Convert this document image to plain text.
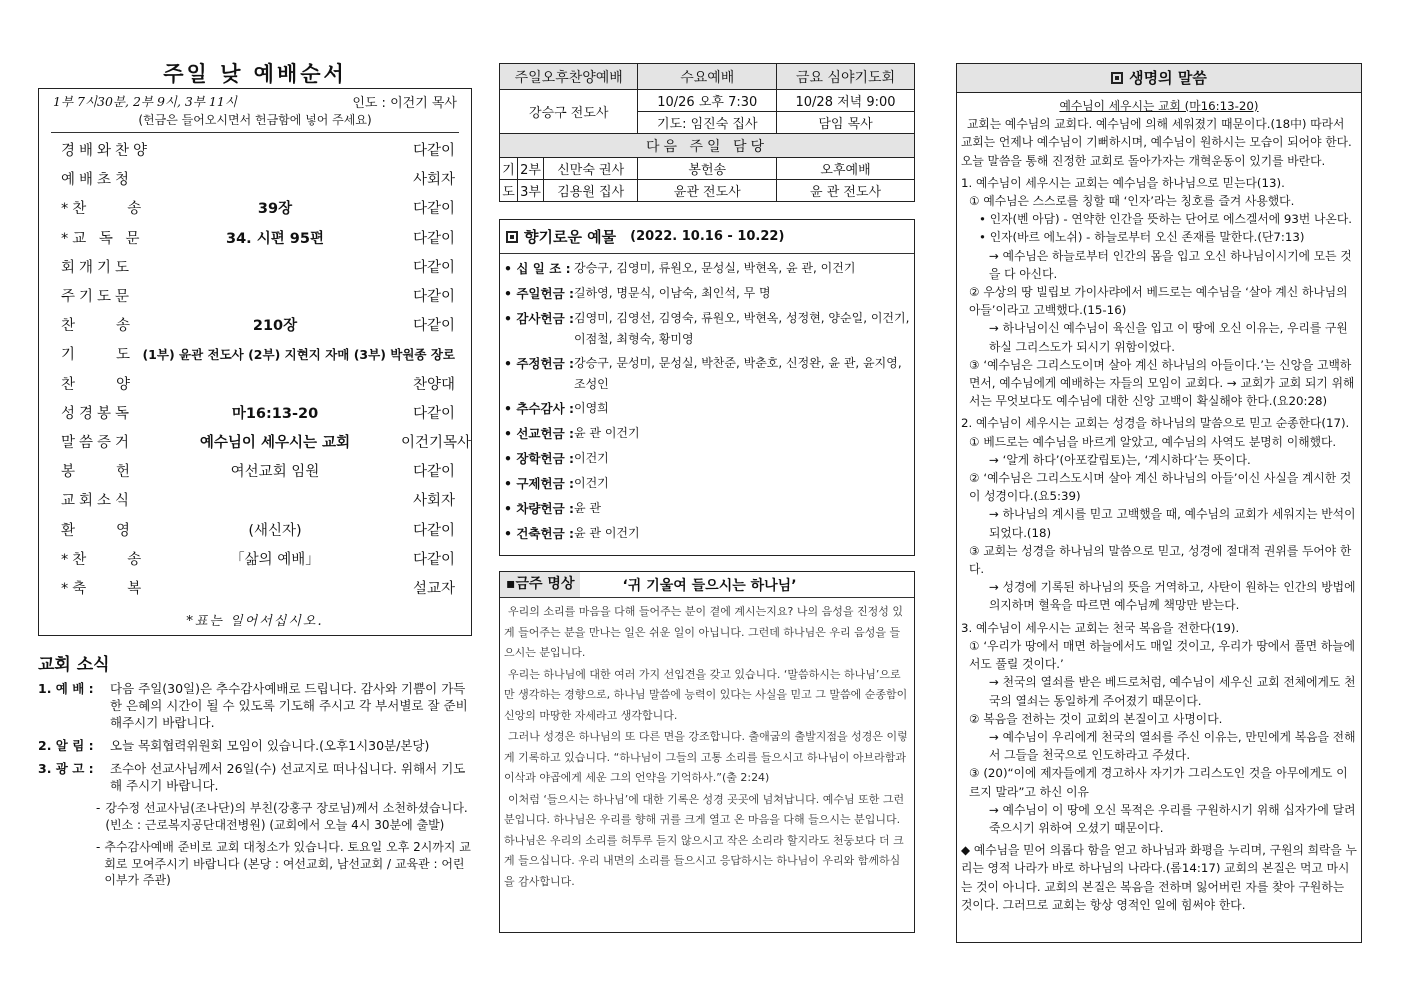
주일 낮 예배순서
1부 7시30분, 2부 9시, 3부 11시	인도 : 이건기 목사
(헌금은 들어오시면서 헌금함에 넣어 주세요)
경배와찬양	다같이
예배초청	사회자
*찬　　송	39장	다같이
*교 독 문	34. 시편 95편	다같이
회개기도	다같이
주기도문	다같이
찬　　송	210장	다같이
기　　도 (1부) 윤관 전도사 (2부) 지현지 자매 (3부) 박원종 장로
찬　　양	찬양대
성경봉독	마16:13-20	다같이
말씀증거	예수님이 세우시는 교회	이건기목사
봉　　헌	여선교회 임원	다같이
교회소식	사회자
환　　영	(새신자)	다같이
*찬　　송	「삶의 예배」	다같이
*축　　복	설교자
*표는 일어서십시오.
교회 소식
1. 예 배 :	다음 주일(30일)은 추수감사예배로 드립니다. 감사와 기쁨이 가득한 은혜의 시간이 될 수 있도록 기도해 주시고 각 부서별로 잘 준비해주시기 바랍니다.
2. 알 림 :	오늘 목회협력위원회 모임이 있습니다.(오후1시30분/본당)
3. 광 고 :	조수아 선교사님께서 26일(수) 선교지로 떠나십니다. 위해서 기도해 주시기 바랍니다.
- 강수정 선교사님(조나단)의 부친(강홍구 장로님)께서 소천하셨습니다. (빈소 : 근로복지공단대전병원) (교회에서 오늘 4시 30분에 출발)
- 추수감사예배 준비로 교회 대청소가 있습니다. 토요일 오후 2시까지 교회로 모여주시기 바랍니다 (본당 : 여선교회, 남선교회 / 교육관 : 어린이부가 주관)
주일오후찬양예배			수요예배	금요 심야기도회
강승구 전도사			10/26 오후 7:30	10/28 저녁 9:00
			기도: 임진숙 집사	담임 목사
다음 주일 담당				
기	2부	신만숙 권사	봉헌송	오후예배
도	3부	김용원 집사	윤관 전도사	윤 관 전도사
향기로운 예물 (2022. 10.16 - 10.22)
• 십 일 조 : 강승구, 김영미, 류원오, 문성실, 박현옥, 윤 관, 이건기
• 주일헌금 : 길하영, 명문식, 이남숙, 최인석, 무 명
• 감사헌금 : 김영미, 김영선, 김영숙, 류원오, 박현옥, 성정현, 양순일, 이건기, 이점철, 최형숙, 황미영
• 주정헌금 : 강승구, 문성미, 문성실, 박찬준, 박춘호, 신정완, 윤 관, 윤지영, 조성인
• 추수감사 : 이영희
• 선교헌금 : 윤 관 이건기
• 장학헌금 : 이건기
• 구제헌금 : 이건기
• 차량헌금 : 윤 관
• 건축헌금 : 윤 관 이건기
▪금주 명상	‘귀 기울여 들으시는 하나님’

우리의 소리를 마음을 다해 들어주는 분이 곁에 계시는지요? 나의 음성을 진정성 있게 들어주는 분을 만나는 일은 쉬운 일이 아닙니다. 그런데 하나님은 우리 음성을 들으시는 분입니다.

우리는 하나님에 대한 여러 가지 선입견을 갖고 있습니다. ‘말씀하시는 하나님’으로만 생각하는 경향으로, 하나님 말씀에 능력이 있다는 사실을 믿고 그 말씀에 순종함이 신앙의 마땅한 자세라고 생각합니다.

그러나 성경은 하나님의 또 다른 면을 강조합니다. 출애굽의 출발지점을 성경은 이렇게 기록하고 있습니다. “하나님이 그들의 고통 소리를 들으시고 하나님이 아브라함과 이삭과 야곱에게 세운 그의 언약을 기억하사.”(출 2:24)

이처럼 ‘들으시는 하나님’에 대한 기록은 성경 곳곳에 넘쳐납니다. 예수님 또한 그런 분입니다. 하나님은 우리를 향해 귀를 크게 열고 온 마음을 다해 들으시는 분입니다. 하나님은 우리의 소리를 허투루 듣지 않으시고 작은 소리라 할지라도 천둥보다 더 크게 들으십니다. 우리 내면의 소리를 들으시고 응답하시는 하나님이 우리와 함께하심을 감사합니다.

생명의 말씀
예수님이 세우시는 교회 (마16:13-20)
교회는 예수님의 교회다. 예수님에 의해 세워졌기 때문이다.(18中) 따라서 교회는 언제나 예수님이 기뻐하시며, 예수님이 원하시는 모습이 되어야 한다. 오늘 말씀을 통해 진정한 교회로 돌아가자는 개혁운동이 있기를 바란다.
1. 예수님이 세우시는 교회는 예수님을 하나님으로 믿는다(13).
① 예수님은 스스로를 칭할 때 ‘인자’라는 칭호를 즐겨 사용했다.
• 인자(벤 아담) - 연약한 인간을 뜻하는 단어로 에스겔서에 93번 나온다.
• 인자(바르 에노쉬) - 하늘로부터 오신 존재를 말한다.(단7:13)
→ 예수님은 하늘로부터 인간의 몸을 입고 오신 하나님이시기에 모든 것을 다 아신다.
② 우상의 땅 빌립보 가이사랴에서 베드로는 예수님을 ‘살아 계신 하나님의 아들’이라고 고백했다.(15-16)
→ 하나님이신 예수님이 육신을 입고 이 땅에 오신 이유는, 우리를 구원하실 그리스도가 되시기 위함이었다.
③ ‘예수님은 그리스도이며 살아 계신 하나님의 아들이다.’는 신앙을 고백하면서, 예수님에게 예배하는 자들의 모임이 교회다. → 교회가 교회 되기 위해서는 무엇보다도 예수님에 대한 신앙 고백이 확실해야 한다.(요20:28)
2. 예수님이 세우시는 교회는 성경을 하나님의 말씀으로 믿고 순종한다(17).
① 베드로는 예수님을 바르게 알았고, 예수님의 사역도 분명히 이해했다.
→ ‘알게 하다’(아포칼립토)는, ‘계시하다’는 뜻이다.
② ‘예수님은 그리스도시며 살아 계신 하나님의 아들’이신 사실을 계시한 것이 성경이다.(요5:39)
→ 하나님의 계시를 믿고 고백했을 때, 예수님의 교회가 세워지는 반석이 되었다.(18)
③ 교회는 성경을 하나님의 말씀으로 믿고, 성경에 절대적 권위를 두어야 한다.
→ 성경에 기록된 하나님의 뜻을 거역하고, 사탄이 원하는 인간의 방법에 의지하며 혈육을 따르면 예수님께 책망만 받는다.
3. 예수님이 세우시는 교회는 천국 복음을 전한다(19).
① ‘우리가 땅에서 매면 하늘에서도 매일 것이고, 우리가 땅에서 풀면 하늘에서도 풀릴 것이다.’
→ 천국의 열쇠를 받은 베드로처럼, 예수님이 세우신 교회 전체에게도 천국의 열쇠는 동일하게 주어졌기 때문이다.
② 복음을 전하는 것이 교회의 본질이고 사명이다.
→ 예수님이 우리에게 천국의 열쇠를 주신 이유는, 만민에게 복음을 전해서 그들을 천국으로 인도하라고 주셨다.
③ (20)“이에 제자들에게 경고하사 자기가 그리스도인 것을 아무에게도 이르지 말라”고 하신 이유
→ 예수님이 이 땅에 오신 목적은 우리를 구원하시기 위해 십자가에 달려 죽으시기 위하여 오셨기 때문이다.
◆ 예수님을 믿어 의롭다 함을 얻고 하나님과 화평을 누리며, 구원의 희락을 누리는 영적 나라가 바로 하나님의 나라다.(롬14:17) 교회의 본질은 먹고 마시는 것이 아니다. 교회의 본질은 복음을 전하며 잃어버린 자를 찾아 구원하는 것이다. 그러므로 교회는 항상 영적인 일에 힘써야 한다.
